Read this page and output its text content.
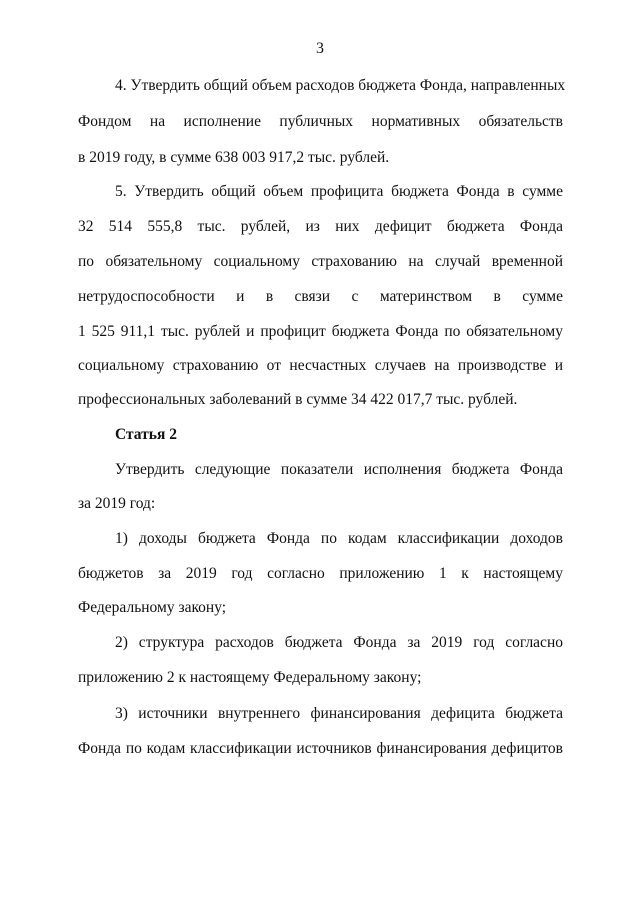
3
4. Утвердить общий объем расходов бюджета Фонда, направленных
Фондом на исполнение публичных нормативных обязательств
в 2019 году, в сумме 638 003 917,2 тыс. рублей.
5. Утвердить общий объем профицита бюджета Фонда в сумме
32 514 555,8 тыс. рублей, из них дефицит бюджета Фонда
по обязательному социальному страхованию на случай временной
нетрудоспособности и в связи с материнством в сумме
1 525 911,1 тыс. рублей и профицит бюджета Фонда по обязательному
социальному страхованию от несчастных случаев на производстве и
профессиональных заболеваний в сумме 34 422 017,7 тыс. рублей.
Статья 2
Утвердить следующие показатели исполнения бюджета Фонда
за 2019 год:
1) доходы бюджета Фонда по кодам классификации доходов
бюджетов за 2019 год согласно приложению 1 к настоящему
Федеральному закону;
2) структура расходов бюджета Фонда за 2019 год согласно
приложению 2 к настоящему Федеральному закону;
3) источники внутреннего финансирования дефицита бюджета
Фонда по кодам классификации источников финансирования дефицитов
